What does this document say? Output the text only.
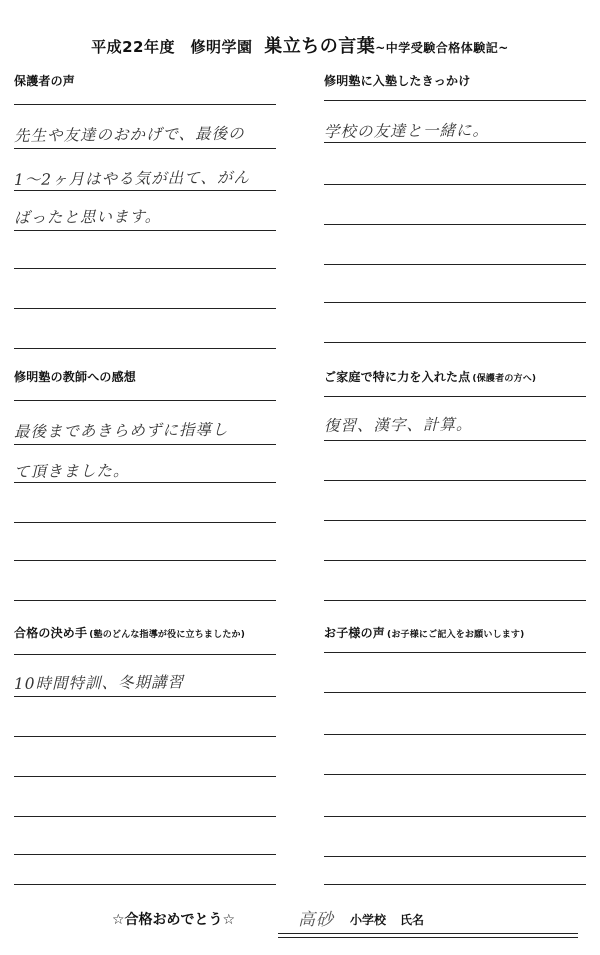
平成22年度　修明学園 巣立ちの言葉~中学受験合格体験記~
保護者の声
先生や友達のおかげで、最後の
1〜2ヶ月はやる気が出て、がん
ばったと思います。
修明塾に入塾したきっかけ
学校の友達と一緒に。
修明塾の教師への感想
最後まであきらめずに指導し
て頂きました。
ご家庭で特に力を入れた点 (保護者の方へ)
復習、漢字、計算。
合格の決め手 (塾のどんな指導が役に立ちましたか)
10時間特訓、冬期講習
お子様の声 (お子様にご記入をお願いします)
☆合格おめでとう☆	高砂 小学校 氏名
